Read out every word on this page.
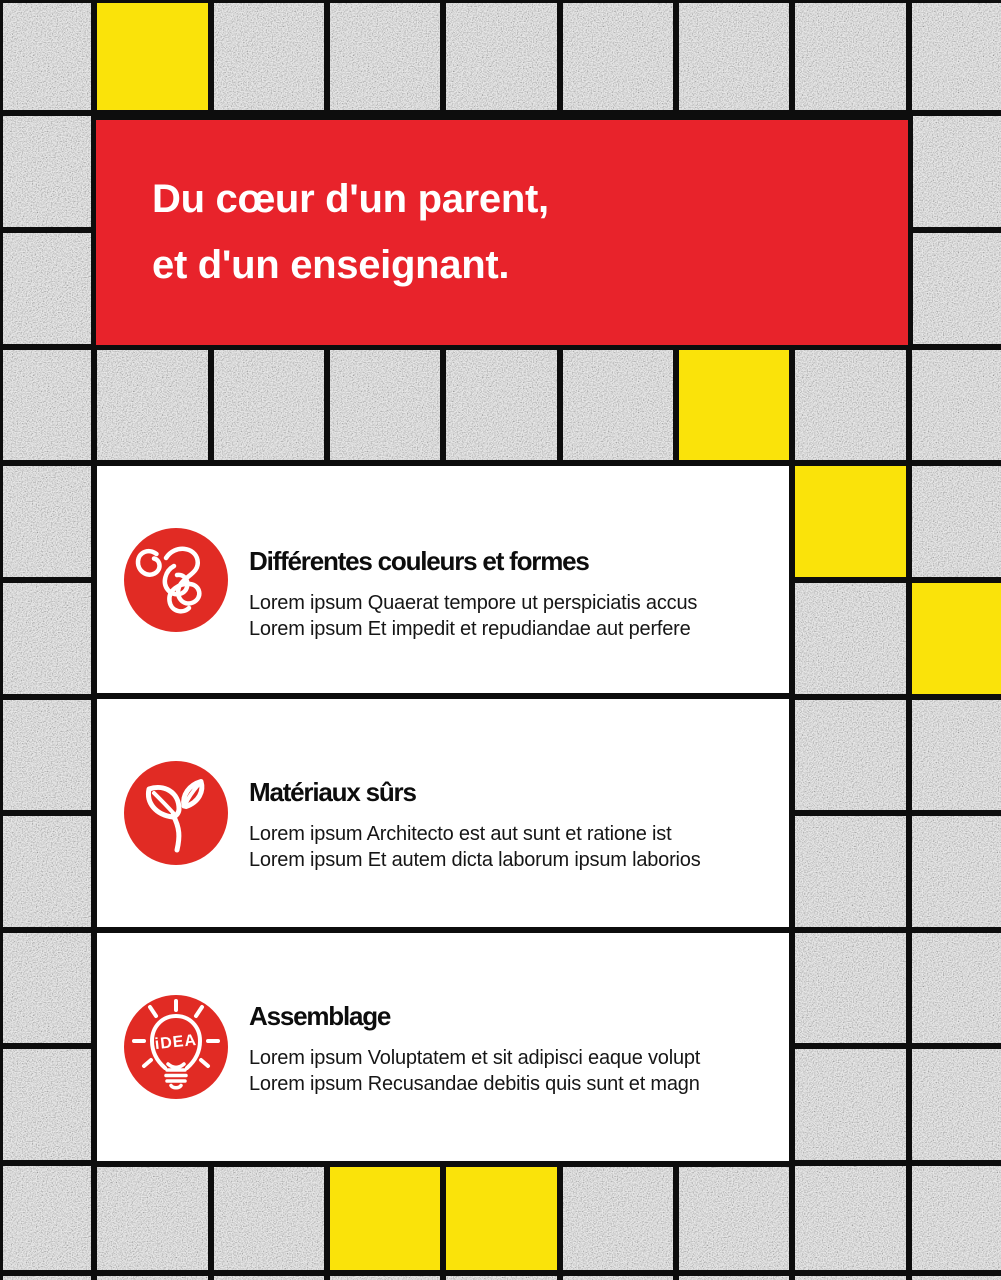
Du cœur d'un parent,
et d'un enseignant.
Différentes couleurs et formes
Lorem ipsum Quaerat tempore ut perspiciatis accus
Lorem ipsum Et impedit et repudiandae aut perfere
Matériaux sûrs
Lorem ipsum Architecto est aut sunt et ratione ist
Lorem ipsum Et autem dicta laborum ipsum laborios
iDEA
Assemblage
Lorem ipsum Voluptatem et sit adipisci eaque volupt
Lorem ipsum Recusandae debitis quis sunt et magn
